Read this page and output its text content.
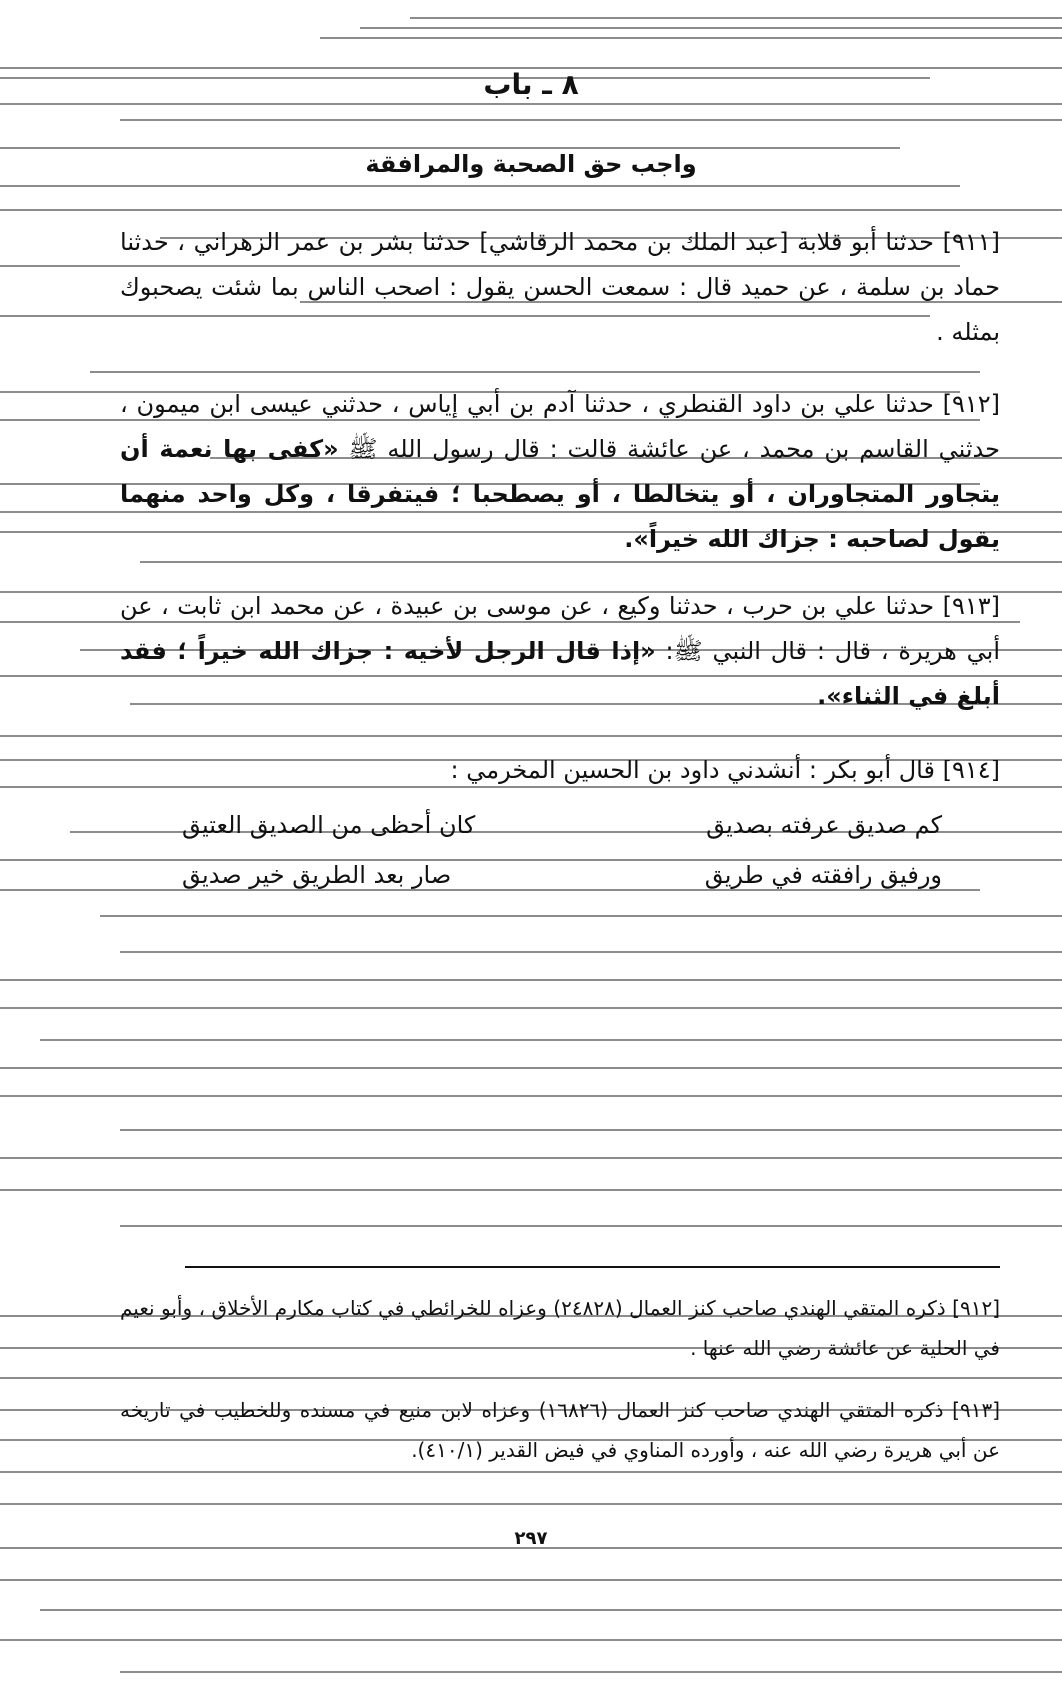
٨ ـ باب
واجب حق الصحبة والمرافقة
[٩١١] حدثنا أبو قلابة [عبد الملك بن محمد الرقاشي] حدثنا بشر بن عمر الزهراني ، حدثنا حماد بن سلمة ، عن حميد قال : سمعت الحسن يقول : اصحب الناس بما شئت يصحبوك بمثله .
[٩١٢] حدثنا علي بن داود القنطري ، حدثنا آدم بن أبي إياس ، حدثني عيسى ابن ميمون ، حدثني القاسم بن محمد ، عن عائشة قالت : قال رسول الله ﷺ «كفى بها نعمة أن يتجاور المتجاوران ، أو يتخالطا ، أو يصطحبا ؛ فيتفرقا ، وكل واحد منهما يقول لصاحبه : جزاك الله خيراً».
[٩١٣] حدثنا علي بن حرب ، حدثنا وكيع ، عن موسى بن عبيدة ، عن محمد ابن ثابت ، عن أبي هريرة ، قال : قال النبي ﷺ: «إذا قال الرجل لأخيه : جزاك الله خيراً ؛ فقد أبلغ في الثناء».
[٩١٤] قال أبو بكر : أنشدني داود بن الحسين المخرمي :
كم صديق عرفته بصديق
كان أحظى من الصديق العتيق
ورفيق رافقته في طريق
صار بعد الطريق خير صديق
[٩١٢] ذكره المتقي الهندي صاحب كنز العمال (٢٤٨٢٨) وعزاه للخرائطي في كتاب مكارم الأخلاق ، وأبو نعيم في الحلية عن عائشة رضي الله عنها .
[٩١٣] ذكره المتقي الهندي صاحب كنز العمال (١٦٨٢٦) وعزاه لابن منيع في مسنده وللخطيب في تاريخه عن أبي هريرة رضي الله عنه ، وأورده المناوي في فيض القدير (٤١٠/١).
٢٩٧
